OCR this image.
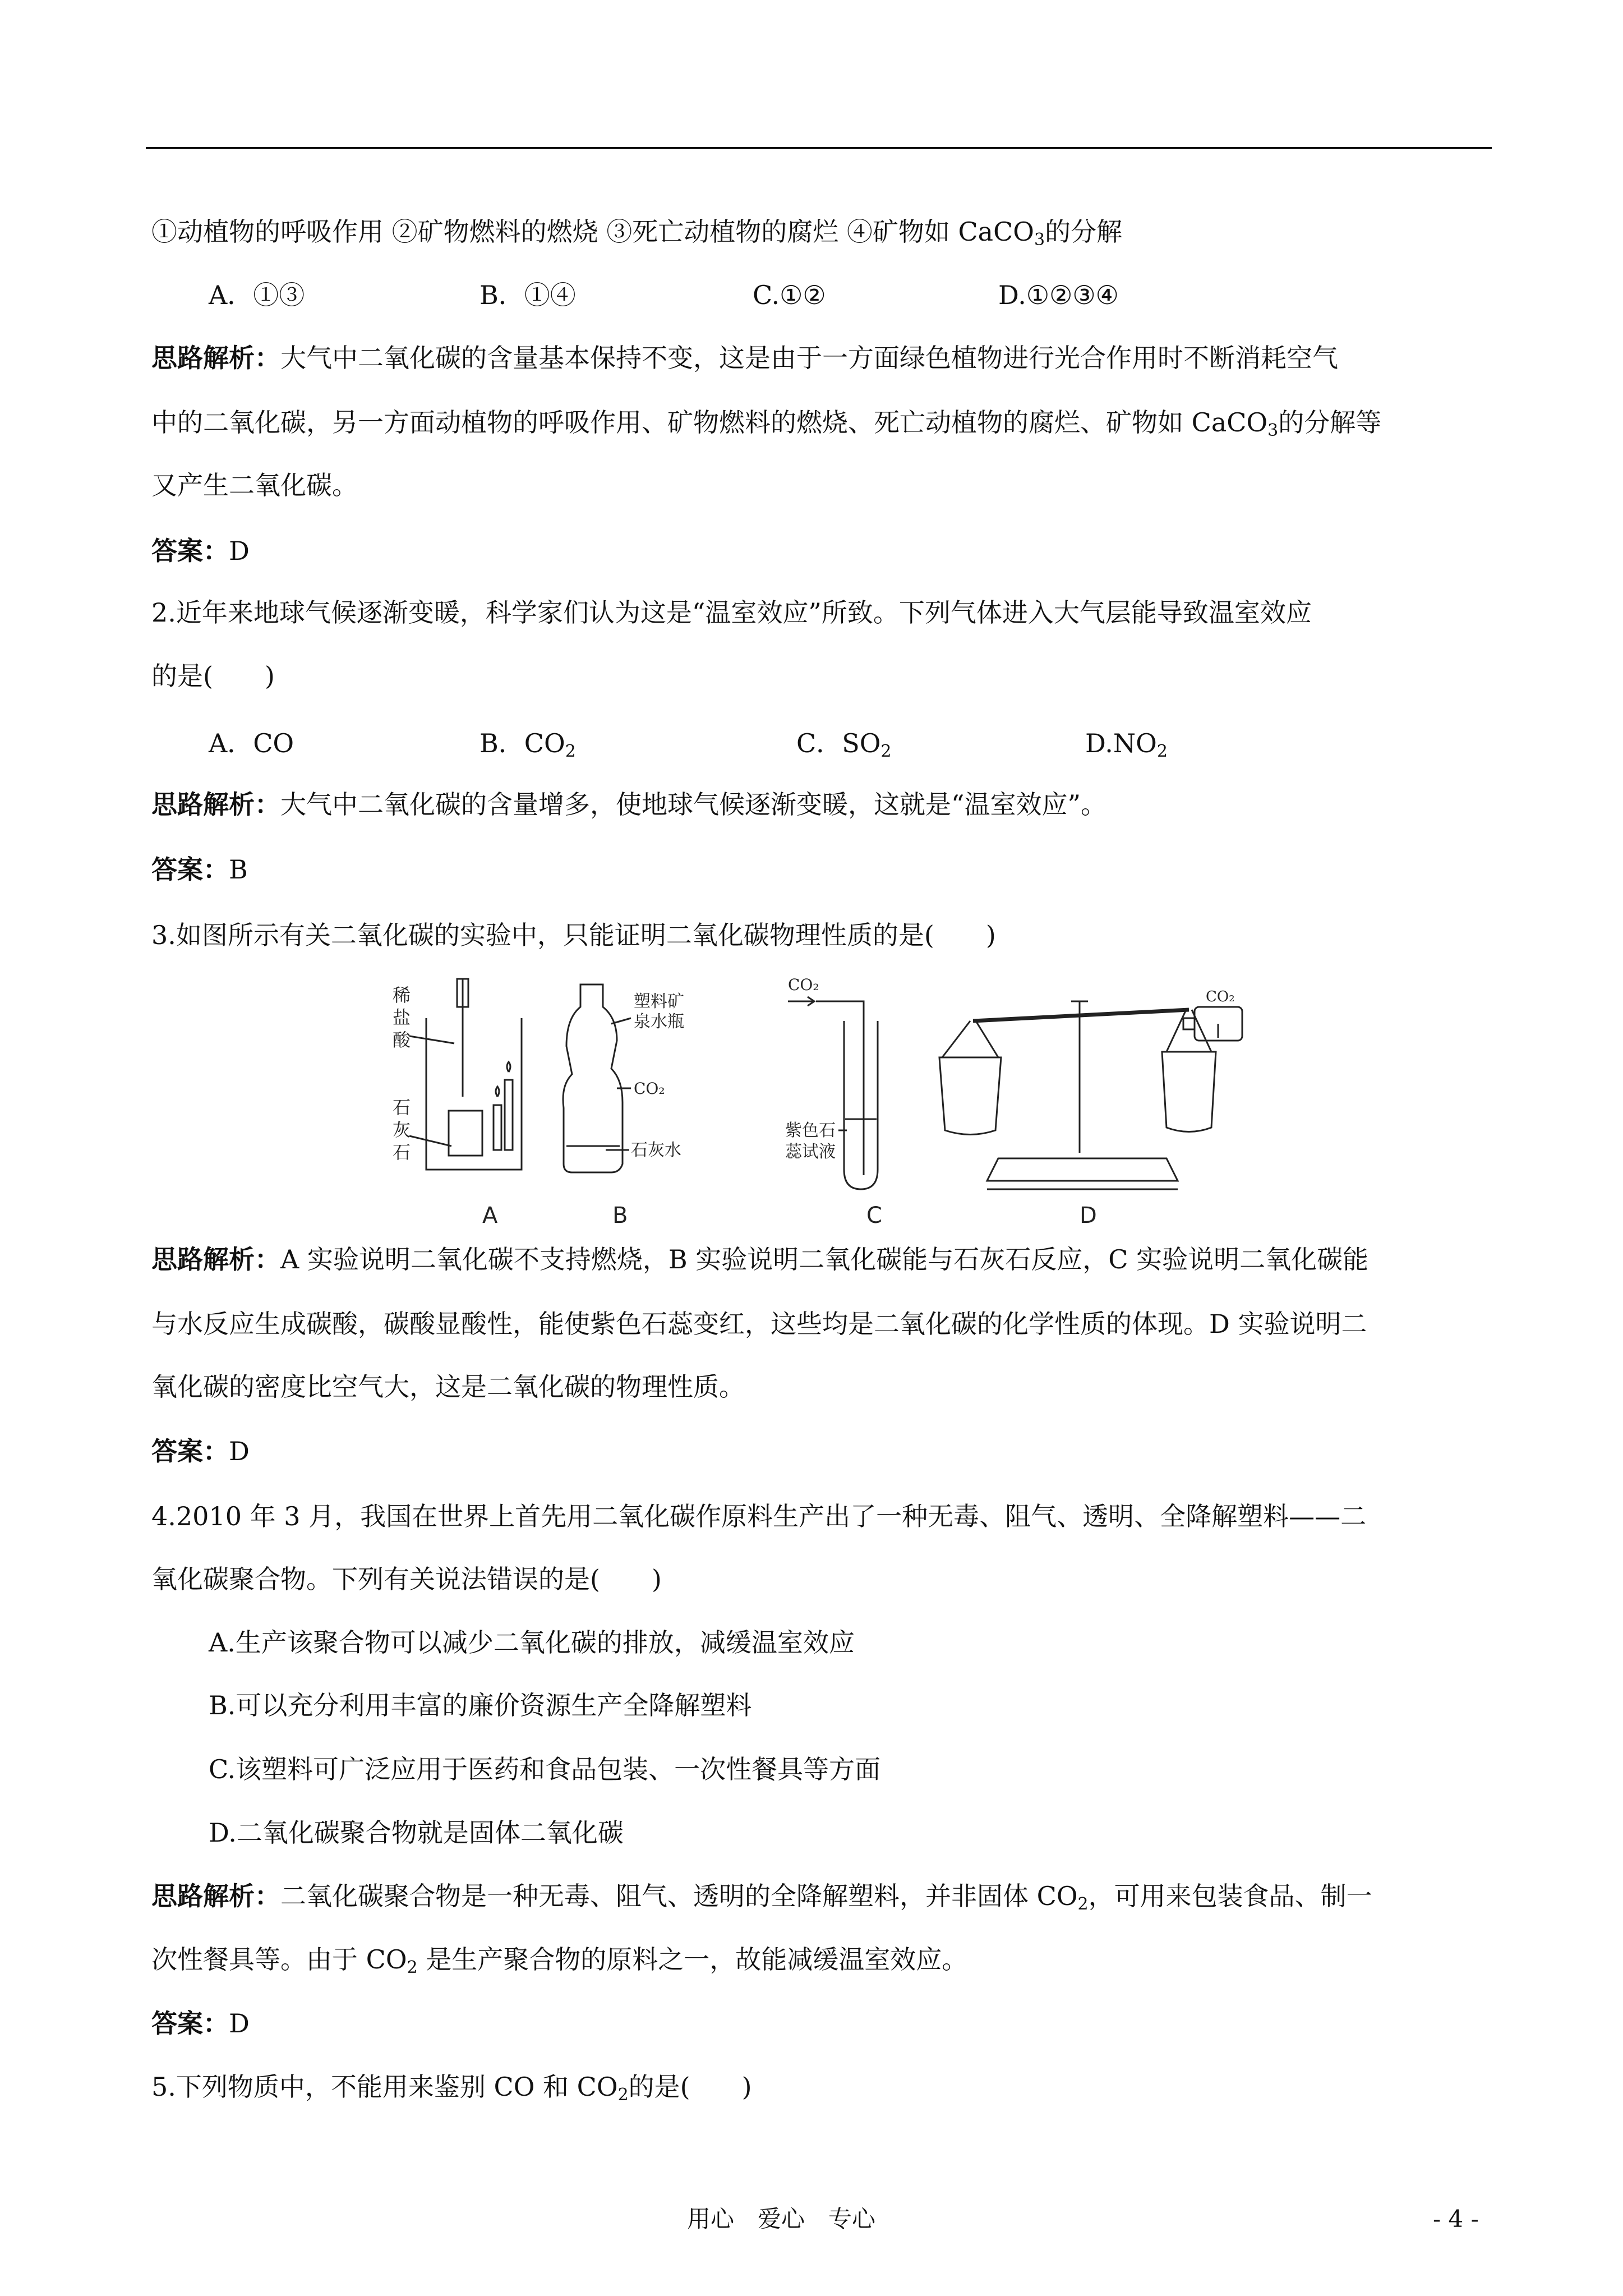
①动植物的呼吸作用 ②矿物燃料的燃烧 ③死亡动植物的腐烂 ④矿物如 CaCO$_3$的分解
A．①③	B．①④	C.①②	D.①②③④
思路解析：大气中二氧化碳的含量基本保持不变，这是由于一方面绿色植物进行光合作用时不断消耗空气
中的二氧化碳，另一方面动植物的呼吸作用、矿物燃料的燃烧、死亡动植物的腐烂、矿物如 CaCO$_3$的分解等
又产生二氧化碳。
答案：D
2.近年来地球气候逐渐变暖，科学家们认为这是“温室效应”所致。下列气体进入大气层能导致温室效应
的是(　　)
A．CO	B．$CO_2$	C．$SO_2$	$D.NO_2$
思路解析：大气中二氧化碳的含量增多，使地球气候逐渐变暖，这就是“温室效应”。
答案：B
3.如图所示有关二氧化碳的实验中，只能证明二氧化碳物理性质的是(　　)
稀
盐
酸
石
灰
石
塑料矿
泉水瓶
CO₂
石灰水
CO₂
紫色石
蕊试液
CO₂
A	B	C	D
思路解析：A 实验说明二氧化碳不支持燃烧，B 实验说明二氧化碳能与石灰石反应，C 实验说明二氧化碳能
与水反应生成碳酸，碳酸显酸性，能使紫色石蕊变红，这些均是二氧化碳的化学性质的体现。D 实验说明二
氧化碳的密度比空气大，这是二氧化碳的物理性质。
答案：D
4.2010 年 3 月，我国在世界上首先用二氧化碳作原料生产出了一种无毒、阻气、透明、全降解塑料——二
氧化碳聚合物。下列有关说法错误的是(　　)
A.生产该聚合物可以减少二氧化碳的排放，减缓温室效应
B.可以充分利用丰富的廉价资源生产全降解塑料
C.该塑料可广泛应用于医药和食品包装、一次性餐具等方面
D.二氧化碳聚合物就是固体二氧化碳
思路解析：二氧化碳聚合物是一种无毒、阻气、透明的全降解塑料，并非固体 $CO_2$，可用来包装食品、制一
次性餐具等。由于 $CO_2$ 是生产聚合物的原料之一，故能减缓温室效应。
答案：D
5.下列物质中，不能用来鉴别 CO 和 $CO_2$的是(　　)
用心　爱心　专心	- 4 -
